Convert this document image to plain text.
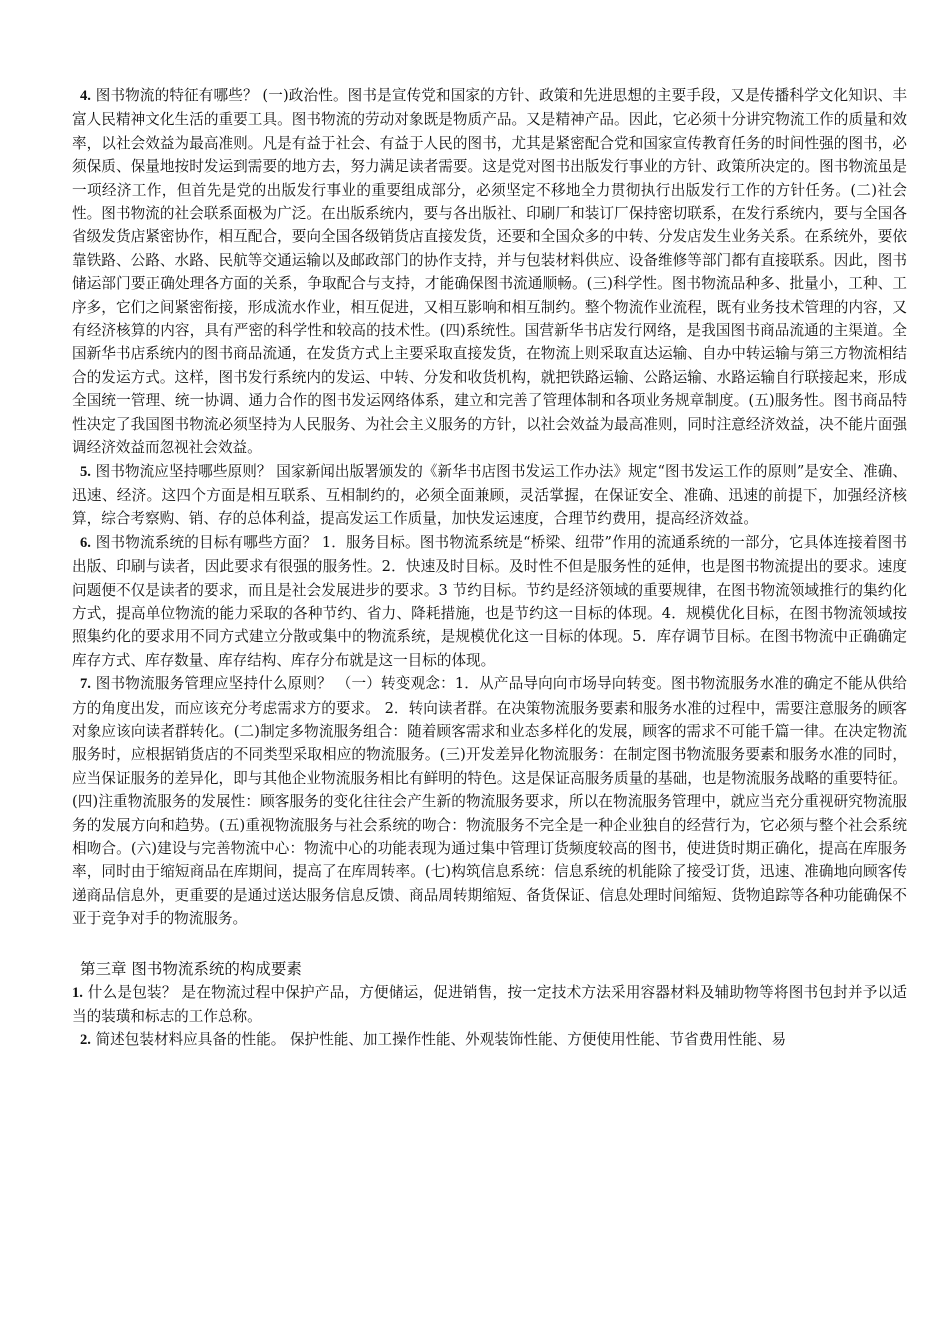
4. 图书物流的特征有哪些？ (一)政治性。图书是宣传党和国家的方针、政策和先进思想的主要手段，又是传播科学文化知识、丰富人民精神文化生活的重要工具。图书物流的劳动对象既是物质产品。又是精神产品。因此，它必须十分讲究物流工作的质量和效率，以社会效益为最高准则。凡是有益于社会、有益于人民的图书，尤其是紧密配合党和国家宣传教育任务的时间性强的图书，必须保质、保量地按时发运到需要的地方去，努力满足读者需要。这是党对图书出版发行事业的方针、政策所决定的。图书物流虽是一项经济工作，但首先是党的出版发行事业的重要组成部分，必须坚定不移地全力贯彻执行出版发行工作的方针任务。(二)社会性。图书物流的社会联系面极为广泛。在出版系统内，要与各出版社、印刷厂和装订厂保持密切联系，在发行系统内，要与全国各省级发货店紧密协作，相互配合，要向全国各级销货店直接发货，还要和全国众多的中转、分发店发生业务关系。在系统外，要依靠铁路、公路、水路、民航等交通运输以及邮政部门的协作支持，并与包装材料供应、设备维修等部门都有直接联系。因此，图书储运部门要正确处理各方面的关系，争取配合与支持，才能确保图书流通顺畅。(三)科学性。图书物流品种多、批量小，工种、工序多，它们之间紧密衔接，形成流水作业，相互促进，又相互影响和相互制约。整个物流作业流程，既有业务技术管理的内容，又有经济核算的内容，具有严密的科学性和较高的技术性。(四)系统性。国营新华书店发行网络，是我国图书商品流通的主渠道。全国新华书店系统内的图书商品流通，在发货方式上主要采取直接发货，在物流上则采取直达运输、自办中转运输与第三方物流相结合的发运方式。这样，图书发行系统内的发运、中转、分发和收货机构，就把铁路运输、公路运输、水路运输自行联接起来，形成全国统一管理、统一协调、通力合作的图书发运网络体系，建立和完善了管理体制和各项业务规章制度。(五)服务性。图书商品特性决定了我国图书物流必须坚持为人民服务、为社会主义服务的方针，以社会效益为最高准则，同时注意经济效益，决不能片面强调经济效益而忽视社会效益。

5. 图书物流应坚持哪些原则？ 国家新闻出版署颁发的《新华书店图书发运工作办法》规定“图书发运工作的原则”是安全、准确、迅速、经济。这四个方面是相互联系、互相制约的，必须全面兼顾，灵活掌握，在保证安全、准确、迅速的前提下，加强经济核算，综合考察购、销、存的总体利益，提高发运工作质量，加快发运速度，合理节约费用，提高经济效益。

6. 图书物流系统的目标有哪些方面？ 1．服务目标。图书物流系统是“桥梁、纽带”作用的流通系统的一部分，它具体连接着图书出版、印刷与读者，因此要求有很强的服务性。2．快速及时目标。及时性不但是服务性的延伸，也是图书物流提出的要求。速度问题便不仅是读者的要求，而且是社会发展进步的要求。3 节约目标。节约是经济领域的重要规律，在图书物流领域推行的集约化方式，提高单位物流的能力采取的各种节约、省力、降耗措施，也是节约这一目标的体现。4．规模优化目标，在图书物流领域按照集约化的要求用不同方式建立分散或集中的物流系统，是规模优化这一目标的体现。5．库存调节目标。在图书物流中正确确定库存方式、库存数量、库存结构、库存分布就是这一目标的体现。

7. 图书物流服务管理应坚持什么原则？ （一）转变观念：1．从产品导向向市场导向转变。图书物流服务水准的确定不能从供给方的角度出发，而应该充分考虑需求方的要求。 2．转向读者群。在决策物流服务要素和服务水准的过程中，需要注意服务的顾客对象应该向读者群转化。(二)制定多物流服务组合：随着顾客需求和业态多样化的发展，顾客的需求不可能千篇一律。在决定物流服务时，应根据销货店的不同类型采取相应的物流服务。(三)开发差异化物流服务：在制定图书物流服务要素和服务水准的同时，应当保证服务的差异化，即与其他企业物流服务相比有鲜明的特色。这是保证高服务质量的基础，也是物流服务战略的重要特征。(四)注重物流服务的发展性：顾客服务的变化往往会产生新的物流服务要求，所以在物流服务管理中，就应当充分重视研究物流服务的发展方向和趋势。(五)重视物流服务与社会系统的吻合：物流服务不完全是一种企业独自的经营行为，它必须与整个社会系统相吻合。(六)建设与完善物流中心：物流中心的功能表现为通过集中管理订货频度较高的图书，使进货时期正确化，提高在库服务率，同时由于缩短商品在库期间，提高了在库周转率。(七)构筑信息系统：信息系统的机能除了接受订货，迅速、准确地向顾客传递商品信息外，更重要的是通过送达服务信息反馈、商品周转期缩短、备货保证、信息处理时间缩短、货物追踪等各种功能确保不亚于竞争对手的物流服务。

第三章 图书物流系统的构成要素

1. 什么是包装？ 是在物流过程中保护产品，方便储运，促进销售，按一定技术方法采用容器材料及辅助物等将图书包封并予以适当的装璜和标志的工作总称。

2. 简述包装材料应具备的性能。 保护性能、加工操作性能、外观装饰性能、方便使用性能、节省费用性能、易
